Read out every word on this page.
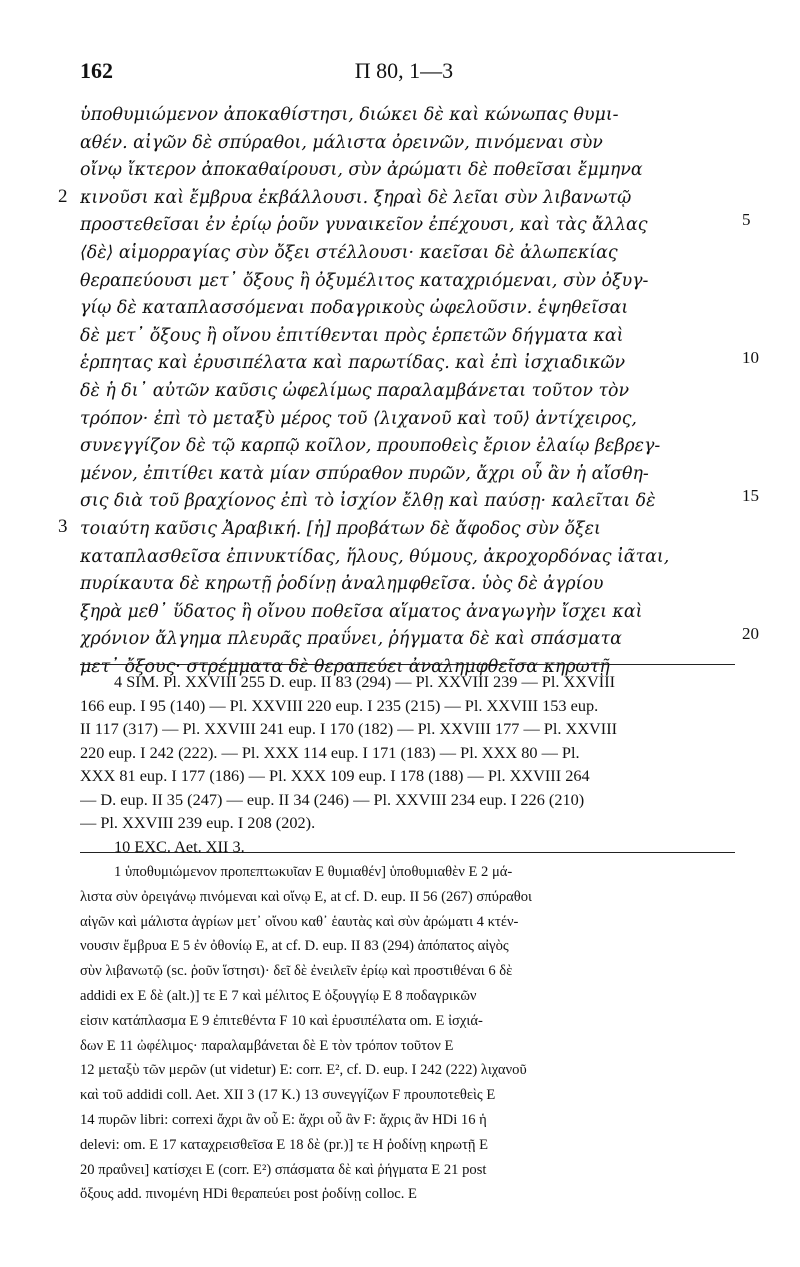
162	Π 80, 1—3
ὑποθυμιώμενον ἀποκαθίστησι, διώκει δὲ καὶ κώνωπας θυμι-
αθέν. αἰγῶν δὲ σπύραθοι, μάλιστα ὀρεινῶν, πινόμεναι σὺν
οἴνῳ ἴκτερον ἀποκαθαίρουσι, σὺν ἀρώματι δὲ ποθεῖσαι ἔμμηνα
κινοῦσι καὶ ἔμβρυα ἐκβάλλουσι. ξηραὶ δὲ λεῖαι σὺν λιβανωτῷ
προστεθεῖσαι ἐν ἐρίῳ ῥοῦν γυναικεῖον ἐπέχουσι, καὶ τὰς ἄλλας
⟨δὲ⟩ αἱμορραγίας σὺν ὄξει στέλλουσι· καεῖσαι δὲ ἀλωπεκίας
θεραπεύουσι μετ᾽ ὄξους ἢ ὀξυμέλιτος καταχριόμεναι, σὺν ὀξυγ-
γίῳ δὲ καταπλασσόμεναι ποδαγρικοὺς ὠφελοῦσιν. ἑψηθεῖσαι
δὲ μετ᾽ ὄξους ἢ οἴνου ἐπιτίθενται πρὸς ἑρπετῶν δήγματα καὶ
ἑρπητας καὶ ἐρυσιπέλατα καὶ παρωτίδας. καὶ ἐπὶ ἰσχιαδικῶν
δὲ ἡ δι᾽ αὐτῶν καῦσις ὠφελίμως παραλαμβάνεται τοῦτον τὸν
τρόπον· ἐπὶ τὸ μεταξὺ μέρος τοῦ ⟨λιχανοῦ καὶ τοῦ⟩ ἀντίχειρος,
συνεγγίζον δὲ τῷ καρπῷ κοῖλον, προυποθεὶς ἔριον ἐλαίῳ βεβρεγ-
μένον, ἐπιτίθει κατὰ μίαν σπύραθον πυρῶν, ἄχρι οὗ ἂν ἡ αἴσθη-
σις διὰ τοῦ βραχίονος ἐπὶ τὸ ἰσχίον ἔλθῃ καὶ παύσῃ· καλεῖται δὲ
τοιαύτη καῦσις Ἀραβική. [ἡ] προβάτων δὲ ἄφοδος σὺν ὄξει
καταπλασθεῖσα ἐπινυκτίδας, ἥλους, θύμους, ἀκροχορδόνας ἰᾶται,
πυρίκαυτα δὲ κηρωτῇ ῥοδίνῃ ἀναλημφθεῖσα. ὑὸς δὲ ἀγρίου
ξηρὰ μεθ᾽ ὕδατος ἢ οἴνου ποθεῖσα αἵματος ἀναγωγὴν ἴσχει καὶ
χρόνιον ἄλγημα πλευρᾶς πραΰνει, ῥήγματα δὲ καὶ σπάσματα
μετ᾽ ὄξους· στρέμματα δὲ θεραπεύει ἀναλημφθεῖσα κηρωτῇ
5
10
15
20
2
3
4 SIM. Pl. XXVIII 255 D. eup. II 83 (294) — Pl. XXVIII 239 — Pl. XXVIII
166 eup. I 95 (140) — Pl. XXVIII 220 eup. I 235 (215) — Pl. XXVIII 153 eup.
II 117 (317) — Pl. XXVIII 241 eup. I 170 (182) — Pl. XXVIII 177 — Pl. XXVIII
220 eup. I 242 (222). — Pl. XXX 114 eup. I 171 (183) — Pl. XXX 80 — Pl.
XXX 81 eup. I 177 (186) — Pl. XXX 109 eup. I 178 (188) — Pl. XXVIII 264
— D. eup. II 35 (247) — eup. II 34 (246) — Pl. XXVIII 234 eup. I 226 (210)
— Pl. XXVIII 239 eup. I 208 (202).
10 EXC. Aet. XII 3.
1 ὑποθυμιώμενον προπεπτωκυῖαν E θυμιαθέν] ὑποθυμιαθὲν E 2 μά-
λιστα σὺν ὀρειγάνῳ πινόμεναι καὶ οἴνῳ E, at cf. D. eup. II 56 (267) σπύραθοι
αἰγῶν καὶ μάλιστα ἀγρίων μετ᾽ οἴνου καθ᾽ ἑαυτὰς καὶ σὺν ἀρώματι 4 κτέν-
νουσιν ἔμβρυα E 5 ἐν ὀθονίῳ E, at cf. D. eup. II 83 (294) ἀπόπατος αἰγὸς
σὺν λιβανωτῷ (sc. ῥοῦν ἵστησι)· δεῖ δὲ ἐνειλεῖν ἐρίῳ καὶ προστιθέναι 6 δὲ
addidi ex E δὲ (alt.)] τε E 7 καὶ μέλιτος E ὀξουγγίῳ E 8 ποδαγρικῶν
εἰσιν κατάπλασμα E 9 ἐπιτεθέντα F 10 καὶ ἐρυσιπέλατα om. E ἰσχιά-
δων E 11 ὠφέλιμος· παραλαμβάνεται δὲ E τὸν τρόπον τοῦτον E
12 μεταξὺ τῶν μερῶν (ut videtur) E: corr. E², cf. D. eup. I 242 (222) λιχανοῦ
καὶ τοῦ addidi coll. Aet. XII 3 (17 K.) 13 συνεγγίζων F προυποτεθεὶς E
14 πυρῶν libri: correxi ἄχρι ἂν οὗ E: ἄχρι οὗ ἂν F: ἄχρις ἂν HDi 16 ἡ
delevi: om. E 17 καταχρεισθεῖσα E 18 δὲ (pr.)] τε H ῥοδίνῃ κηρωτῇ E
20 πραΰνει] κατίσχει E (corr. E²) σπάσματα δὲ καὶ ῥήγματα E 21 post
ὄξους add. πινομένη HDi θεραπεύει post ῥοδίνῃ colloc. E
